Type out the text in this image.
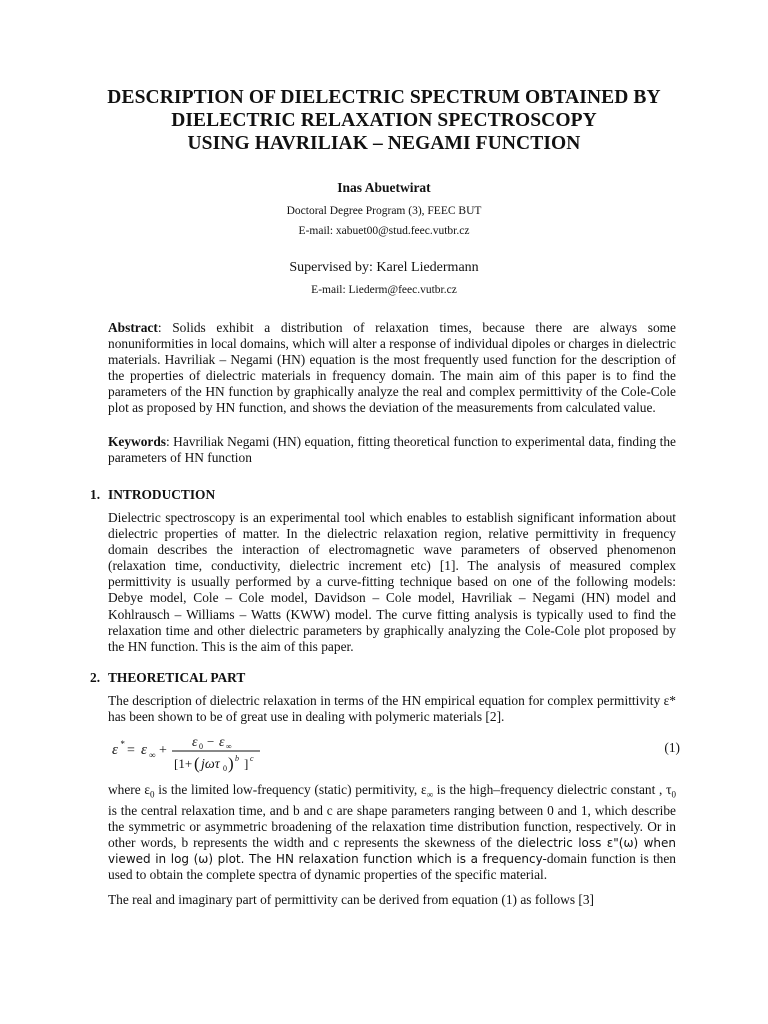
DESCRIPTION OF DIELECTRIC SPECTRUM OBTAINED BY
DIELECTRIC RELAXATION SPECTROSCOPY
USING HAVRILIAK – NEGAMI FUNCTION
Inas Abuetwirat
Doctoral Degree Program (3), FEEC BUT
E-mail: xabuet00@stud.feec.vutbr.cz
Supervised by: Karel Liedermann
E-mail: Liederm@feec.vutbr.cz
Abstract: Solids exhibit a distribution of relaxation times, because there are always some nonuniformities in local domains, which will alter a response of individual dipoles or charges in dielectric materials. Havriliak – Negami (HN) equation is the most frequently used function for the description of the properties of dielectric materials in frequency domain. The main aim of this paper is to find the parameters of the HN function by graphically analyze the real and complex permittivity of the Cole-Cole plot as proposed by HN function, and shows the deviation of the measurements from calculated value.
Keywords: Havriliak Negami (HN) equation, fitting theoretical function to experimental data, finding the parameters of HN function
1. INTRODUCTION
Dielectric spectroscopy is an experimental tool which enables to establish significant information about dielectric properties of matter. In the dielectric relaxation region, relative permittivity in frequency domain describes the interaction of electromagnetic wave parameters of observed phenomenon (relaxation time, conductivity, dielectric increment etc) [1]. The analysis of measured complex permittivity is usually performed by a curve-fitting technique based on one of the following models: Debye model, Cole – Cole model, Davidson – Cole model, Havriliak – Negami (HN) model and Kohlrausch – Williams – Watts (KWW) model. The curve fitting analysis is typically used to find the relaxation time and other dielectric parameters by graphically analyzing the Cole-Cole plot proposed by the HN function. This is the aim of this paper.
2. THEORETICAL PART
The description of dielectric relaxation in terms of the HN empirical equation for complex permittivity ε* has been shown to be of great use in dealing with polymeric materials [2].
ε * = ε ∞ +
ε 0 − ε ∞
[1+ ( jωτ 0 ) b ] c
(1)
where $\varepsilon_0$ is the limited low-frequency (static) permitivity, $\varepsilon_\infty$ is the high–frequency dielectric constant , $\tau_0$ is the central relaxation time, and b and c are shape parameters ranging between 0 and 1, which describe the symmetric or asymmetric broadening of the relaxation time distribution function, respectively. Or in other words, b represents the width and c represents the skewness of the dielectric loss ε"(ω) when viewed in log (ω) plot. The HN relaxation function which is a frequency-domain function is then used to obtain the complete spectra of dynamic properties of the specific material.
The real and imaginary part of permittivity can be derived from equation (1) as follows [3]
